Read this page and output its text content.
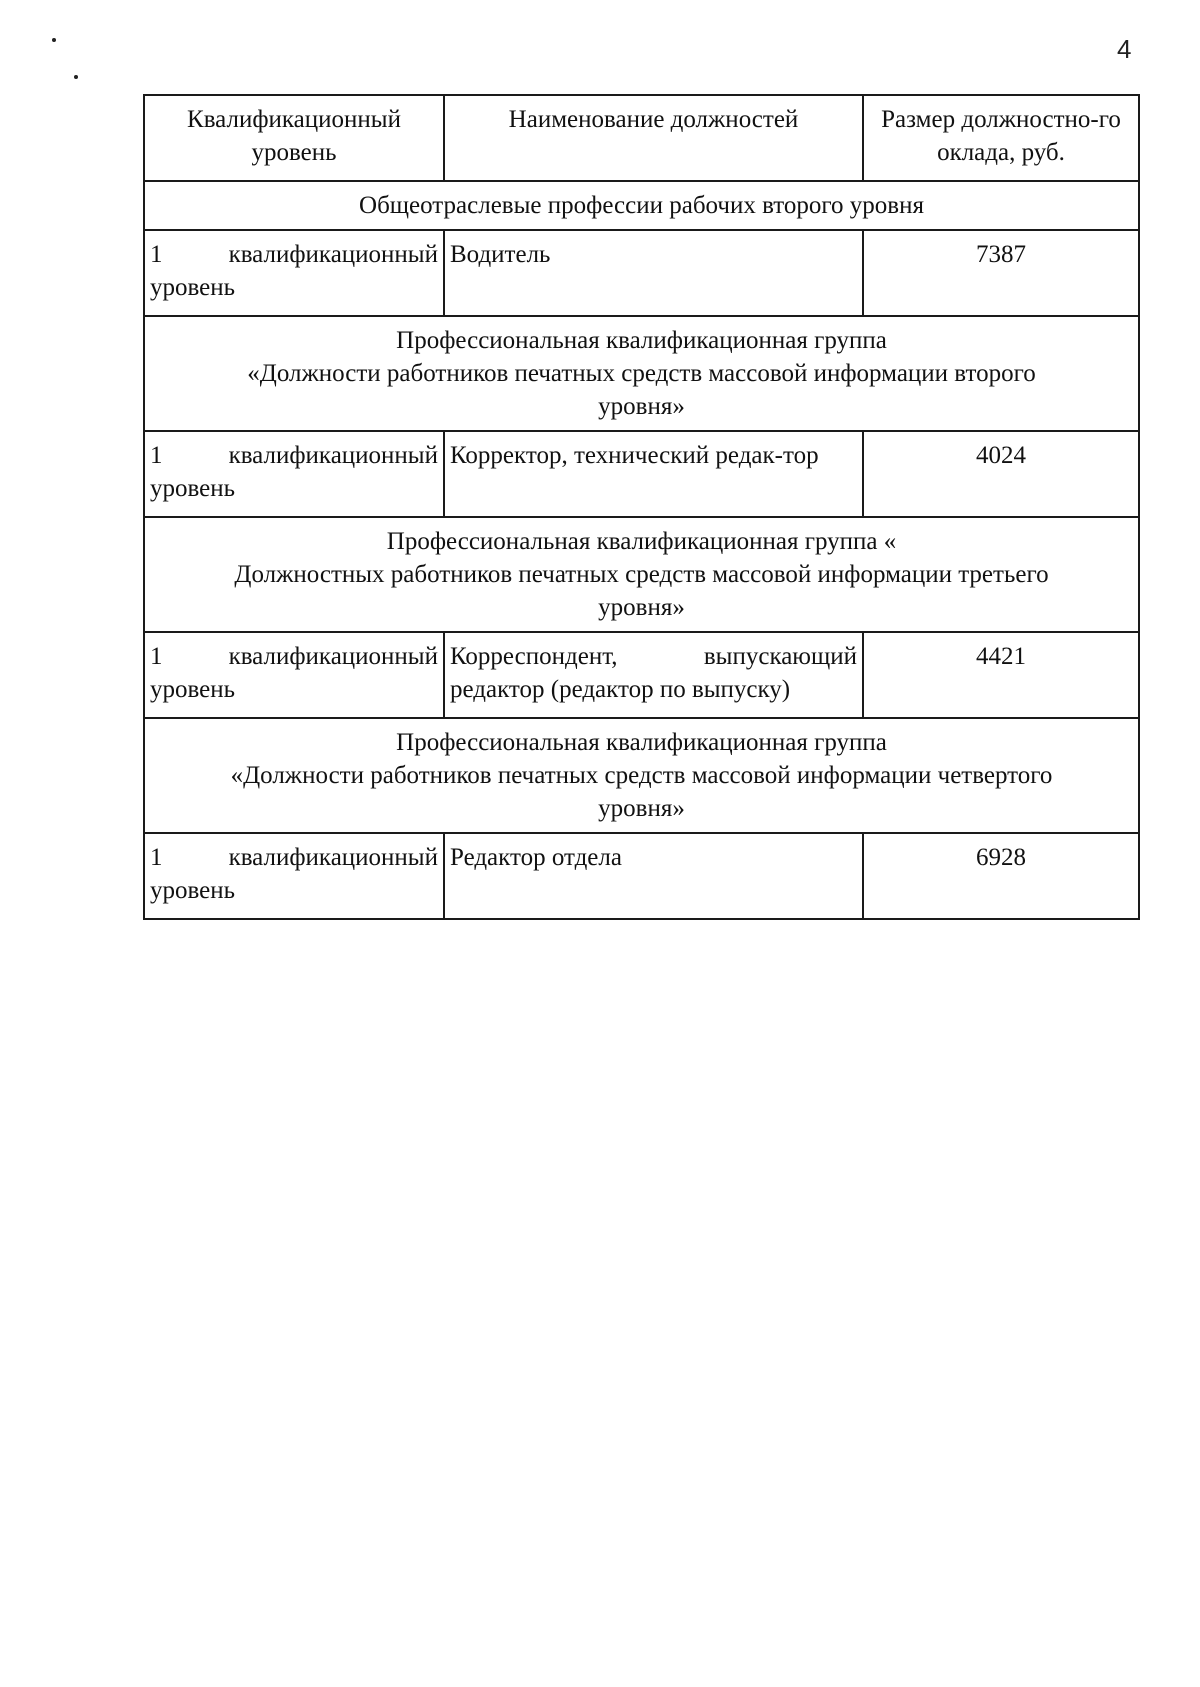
4
Квалификационный уровень	Наименование должностей	Размер должностно-го оклада, руб.

Общеотраслевые профессии рабочих второго уровня		

1 квалификационный
уровень	Водитель	7387

Профессиональная квалификационная группа
«Должности работников печатных средств массовой информации второго
уровня»		

1 квалификационный
уровень	Корректор, технический редак-тор	4024

Профессиональная квалификационная группа «
Должностных работников печатных средств массовой информации третьего
уровня»		

1 квалификационный
уровень	Корреспондент, выпускающий редактор (редактор по выпуску)	4421

Профессиональная квалификационная группа
«Должности работников печатных средств массовой информации четвертого
уровня»		

1 квалификационный
уровень	Редактор отдела	6928
